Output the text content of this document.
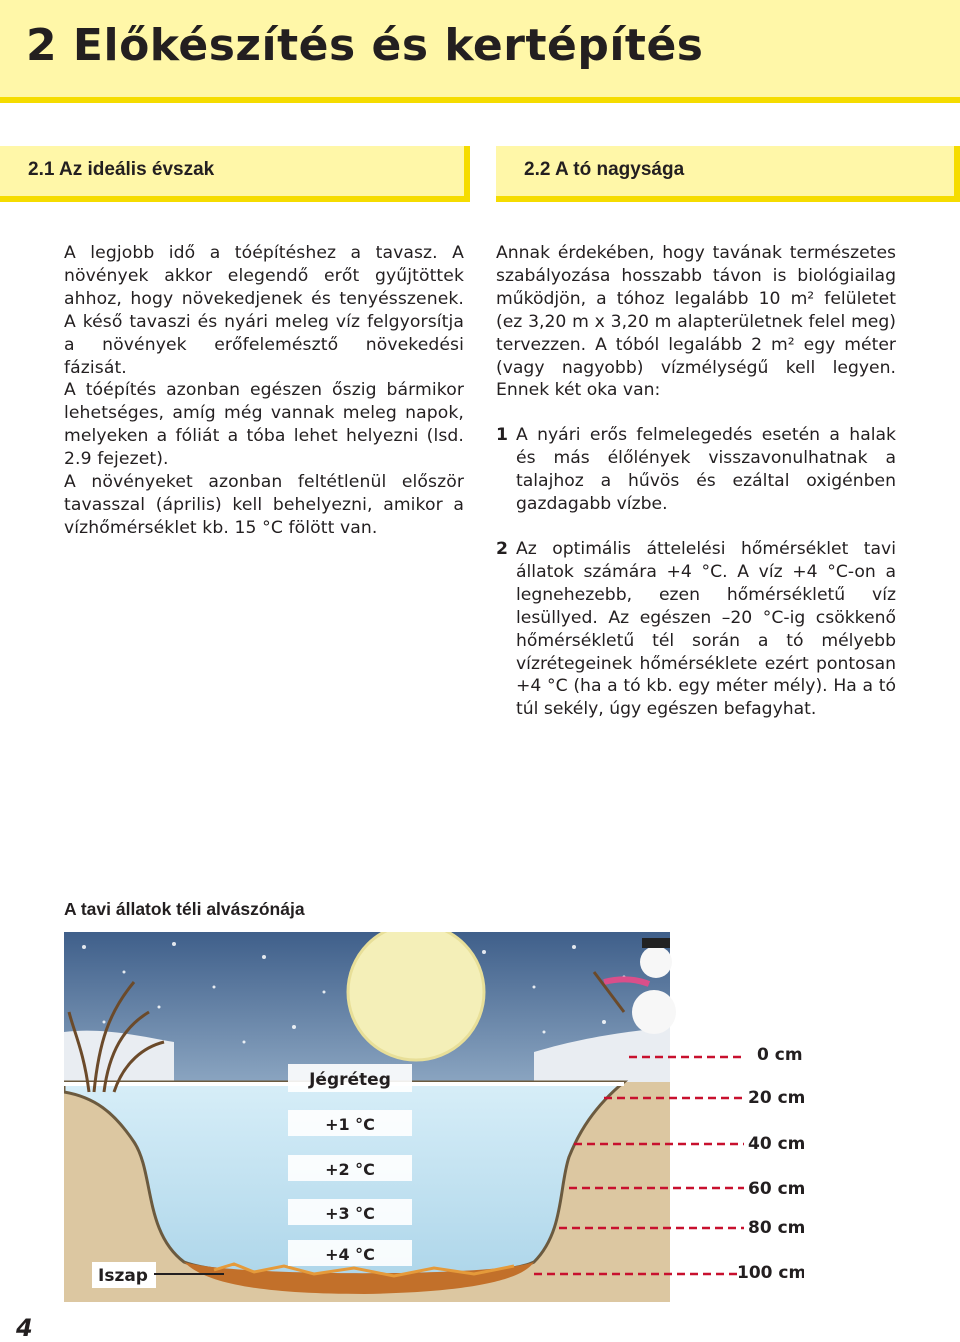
2 Előkészítés és kertépítés
2.1 Az ideális évszak	2.2 A tó nagysága

A legjobb idő a tóépítéshez a tavasz. A növények akkor elegendő erőt gyűjtöttek ahhoz, hogy növekedjenek és tenyésszenek. A késő tavaszi és nyári meleg víz felgyorsítja a növények erőfelemésztő növekedési fázisát.

A tóépítés azonban egészen őszig bármikor lehetséges, amíg még vannak meleg napok, melyeken a fóliát a tóba lehet helyezni (lsd. 2.9 fejezet).

A növényeket azonban feltétlenül először tavasszal (április) kell behelyezni, amikor a vízhőmérséklet kb. 15 °C fölött van.

Annak érdekében, hogy tavának természetes szabályozása hosszabb távon is biológiailag működjön, a tóhoz legalább 10 m² felületet (ez 3,20 m x 3,20 m alapterületnek felel meg) tervezzen. A tóból legalább 2 m² egy méter (vagy nagyobb) vízmélységű kell legyen. Ennek két oka van:

1 A nyári erős felmelegedés esetén a halak és más élőlények visszavonulhatnak a talajhoz a hűvös és ezáltal oxigénben gazdagabb vízbe.

2 Az optimális áttelelési hőmérséklet tavi állatok számára +4 °C. A víz +4 °C-on a legnehezebb, ezen hőmérsékletű víz lesüllyed. Az egészen –20 °C-ig csökkenő hőmérsékletű tél során a tó mélyebb vízrétegeinek hőmérséklete ezért pontosan +4 °C (ha a tó kb. egy méter mély). Ha a tó túl sekély, úgy egészen befagyhat.

A tavi állatok téli alvászónája
Jégréteg
+1 °C
+2 °C
+3 °C
+4 °C
Iszap
0 cm
20 cm
40 cm
60 cm
80 cm
100 cm
4
